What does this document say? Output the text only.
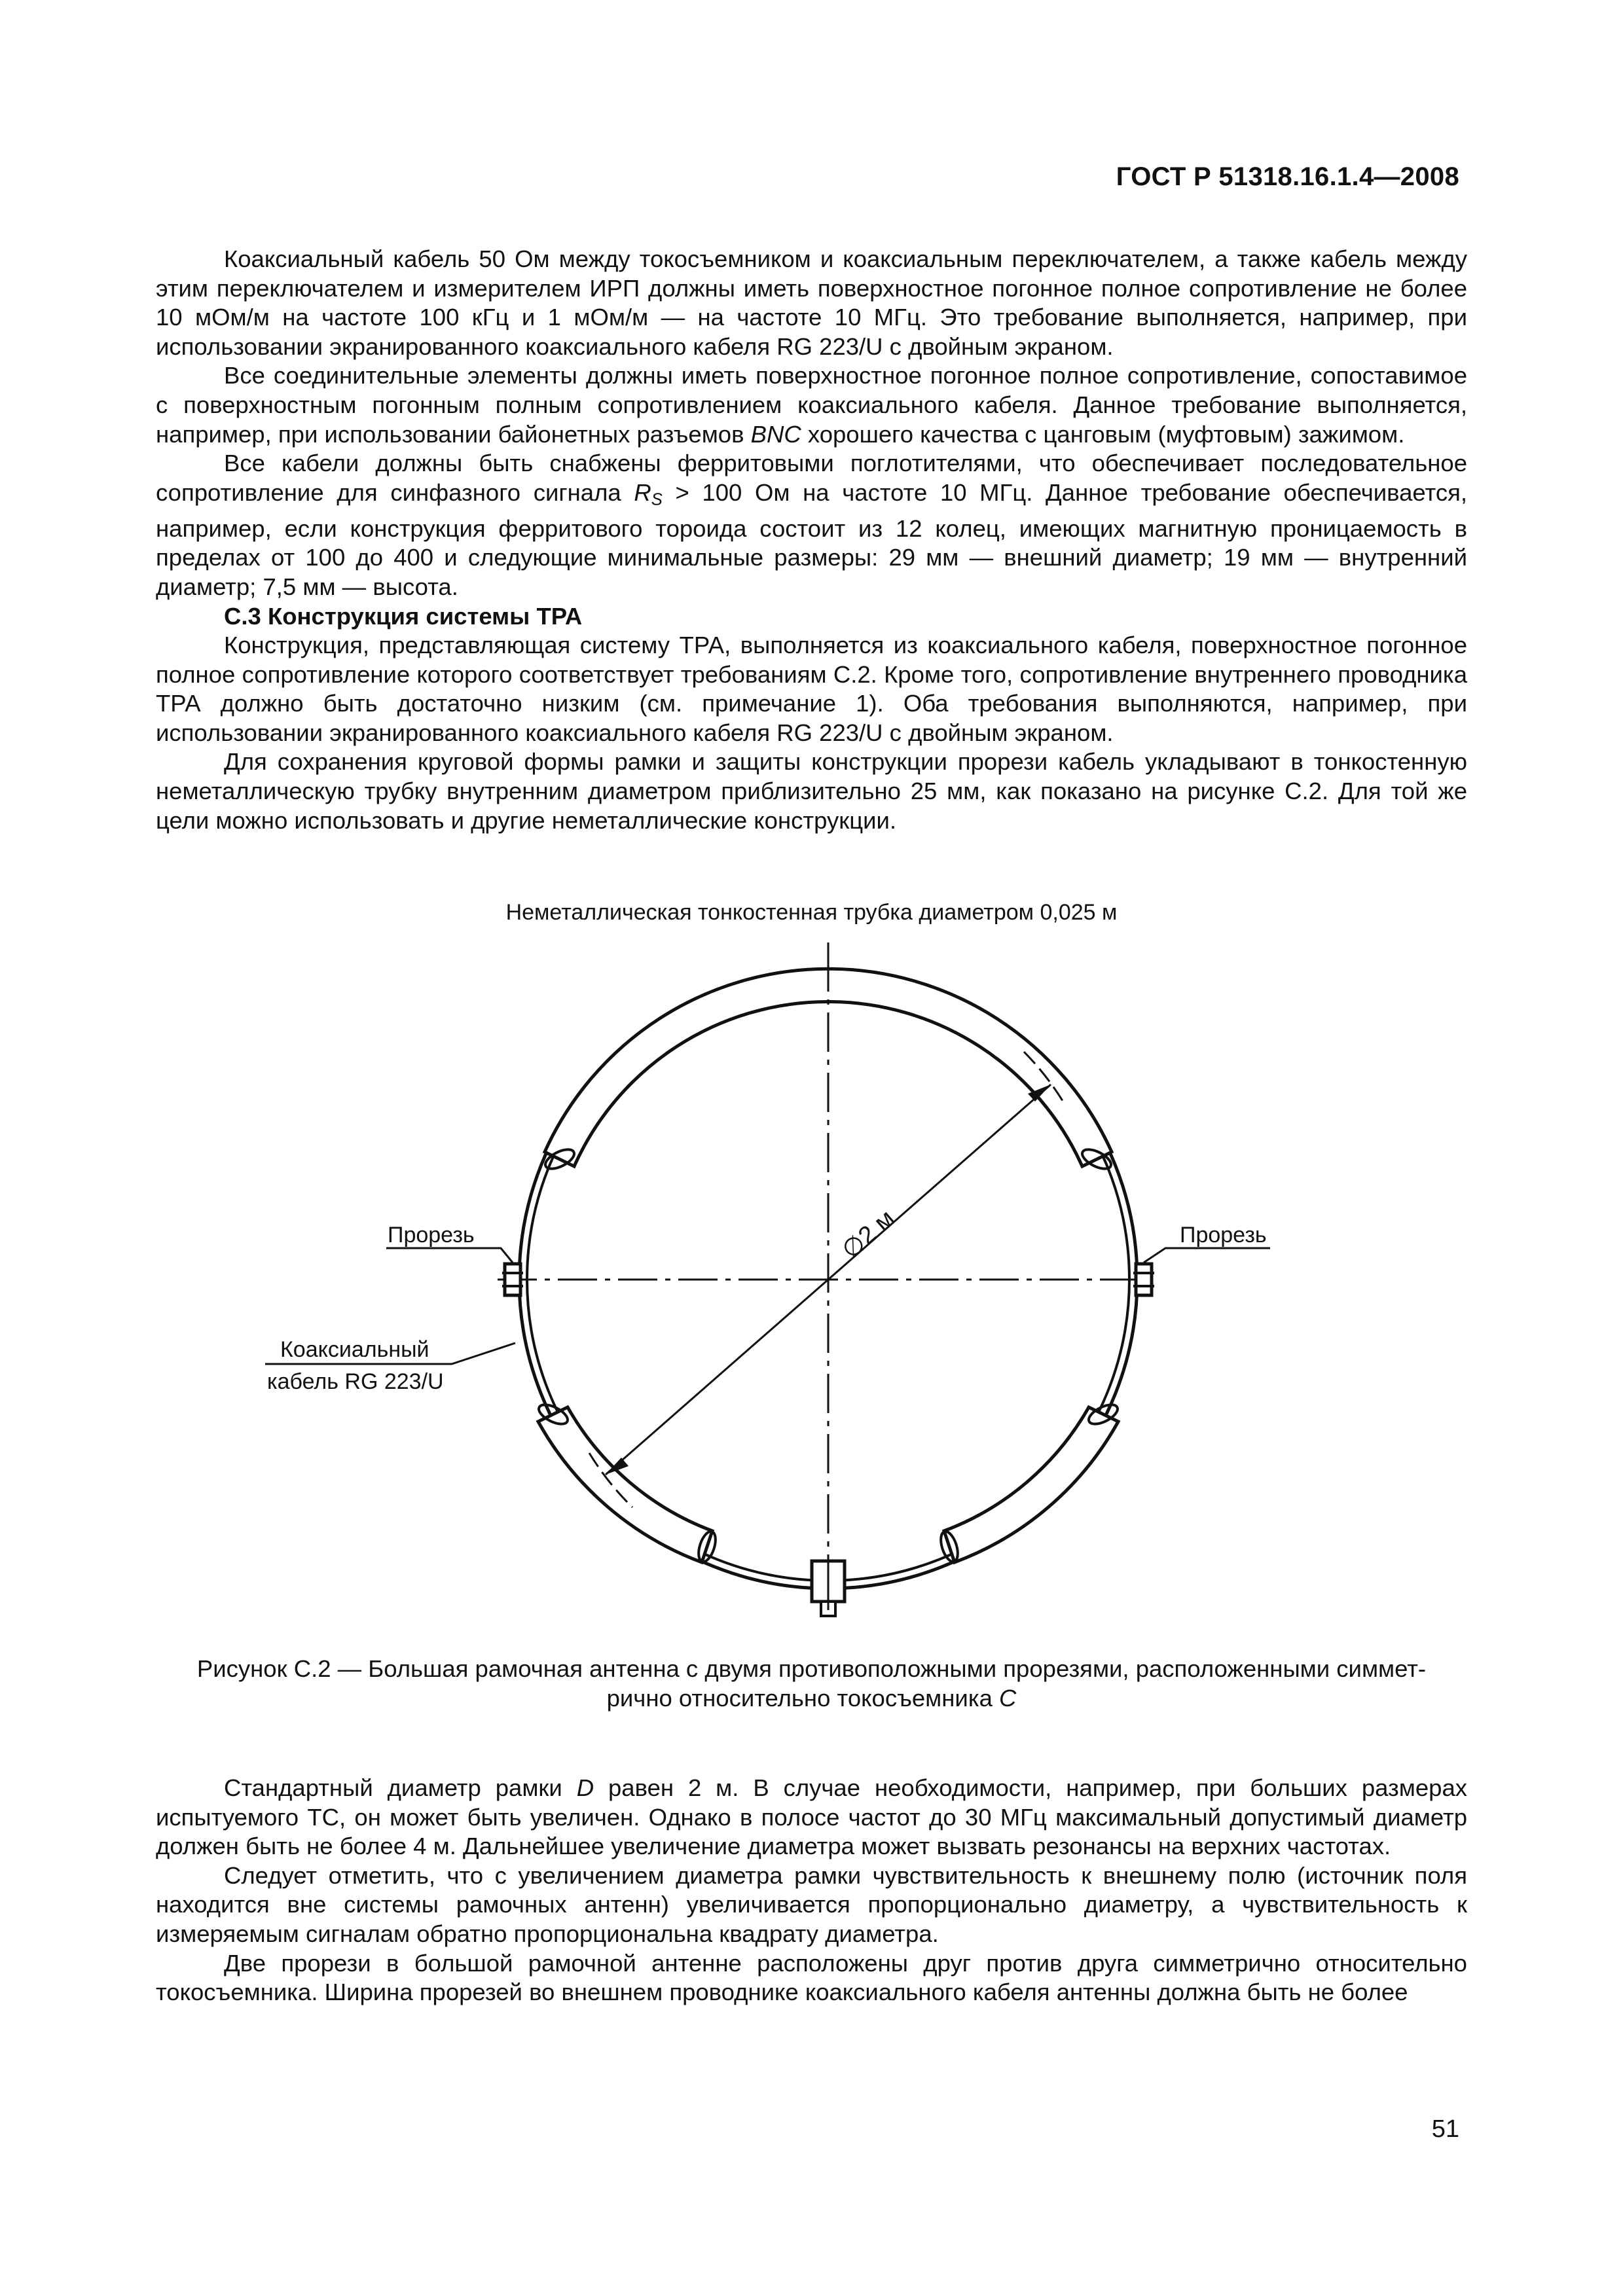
ГОСТ Р 51318.16.1.4—2008

Коаксиальный кабель 50 Ом между токосъемником и коаксиальным переключателем, а также кабель между этим переключателем и измерителем ИРП должны иметь поверхностное погонное полное сопротивление не более 10 мОм/м на частоте 100 кГц и 1 мОм/м — на частоте 10 МГц. Это требование выполняется, например, при использовании экранированного коаксиального кабеля RG 223/U с двойным экраном.

Все соединительные элементы должны иметь поверхностное погонное полное сопротивление, сопоставимое с поверхностным погонным полным сопротивлением коаксиального кабеля. Данное требование выполняется, например, при использовании байонетных разъемов BNC хорошего качества с цанговым (муфтовым) зажимом.

Все кабели должны быть снабжены ферритовыми поглотителями, что обеспечивает последовательное сопротивление для синфазного сигнала $R_S > 100$ Ом на частоте 10 МГц. Данное требование обеспечивается, например, если конструкция ферритового тороида состоит из 12 колец, имеющих магнитную проницаемость в пределах от 100 до 400 и следующие минимальные размеры: 29 мм — внешний диаметр; 19 мм — внутренний диаметр; 7,5 мм — высота.

C.3 Конструкция системы ТРА

Конструкция, представляющая систему ТРА, выполняется из коаксиального кабеля, поверхностное погонное полное сопротивление которого соответствует требованиям С.2. Кроме того, сопротивление внутреннего проводника ТРА должно быть достаточно низким (см. примечание 1). Оба требования выполняются, например, при использовании экранированного коаксиального кабеля RG 223/U с двойным экраном.

Для сохранения круговой формы рамки и защиты конструкции прорези кабель укладывают в тонкостенную неметаллическую трубку внутренним диаметром приблизительно 25 мм, как показано на рисунке С.2. Для той же цели можно использовать и другие неметаллические конструкции.

Неметаллическая тонкостенная трубка диаметром 0,025 м
∅2 м
Прорезь	Прорезь
Коаксиальный
кабель RG 223/U
Рисунок С.2 — Большая рамочная антенна с двумя противоположными прорезями, расположенными симмет-
рично относительно токосъемника С

Стандартный диаметр рамки D равен 2 м. В случае необходимости, например, при больших размерах испытуемого ТС, он может быть увеличен. Однако в полосе частот до 30 МГц максимальный допустимый диаметр должен быть не более 4 м. Дальнейшее увеличение диаметра может вызвать резонансы на верхних частотах.

Следует отметить, что с увеличением диаметра рамки чувствительность к внешнему полю (источник поля находится вне системы рамочных антенн) увеличивается пропорционально диаметру, а чувствительность к измеряемым сигналам обратно пропорциональна квадрату диаметра.

Две прорези в большой рамочной антенне расположены друг против друга симметрично относительно токосъемника. Ширина прорезей во внешнем проводнике коаксиального кабеля антенны должна быть не более

51
